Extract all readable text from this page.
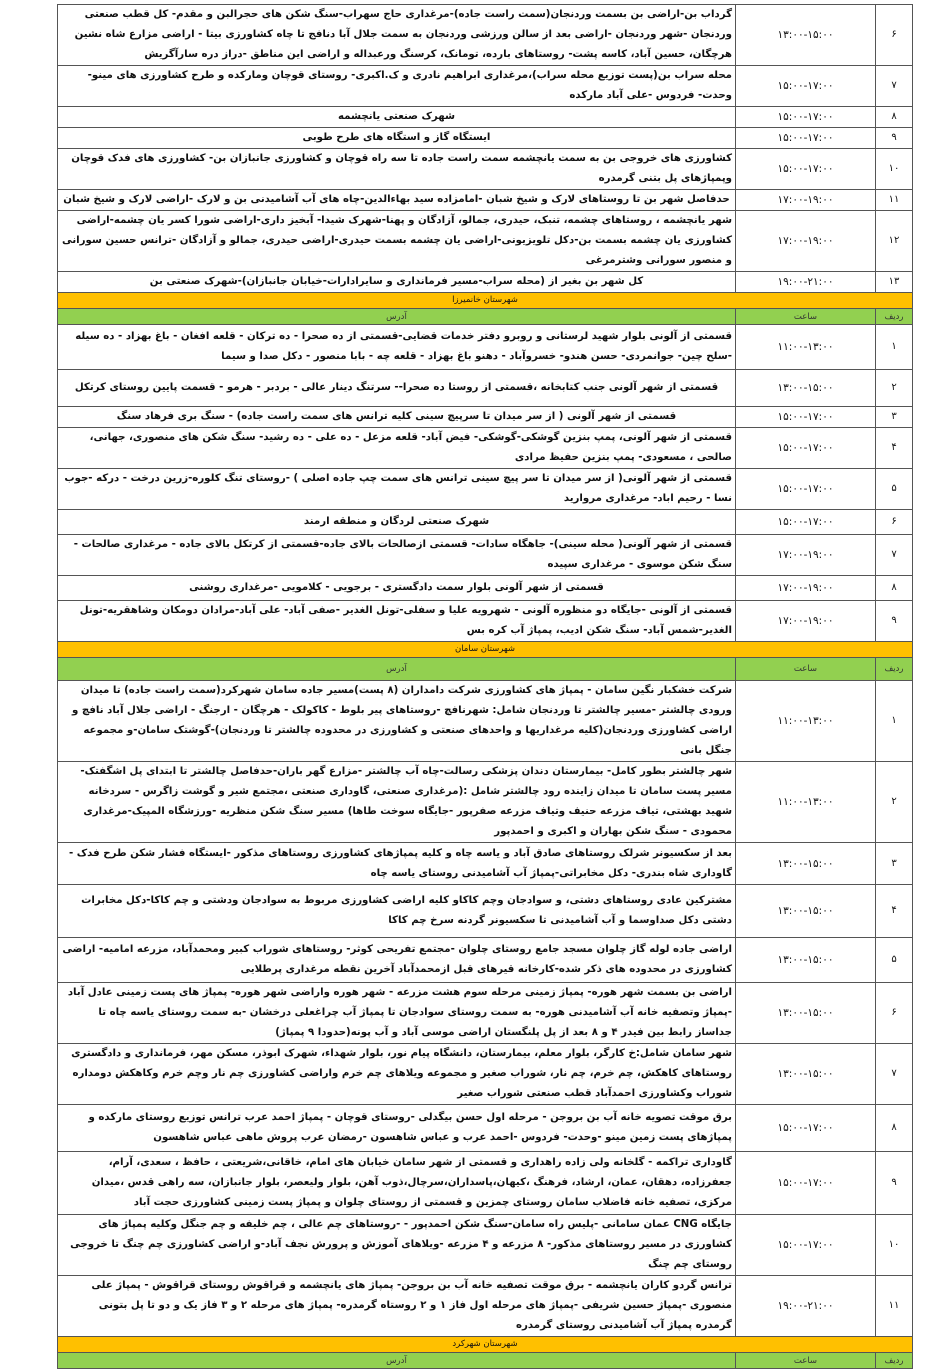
۶	۱۳:۰۰-۱۵:۰۰	گرداب بن-اراضی بن بسمت وردنجان(سمت راست جاده)-مرغداری حاج سهراب-سنگ شکن های حجرالبن و مقدم- کل قطب صنعتی وردنجان -شهر وردنجان -اراضی بعد از سالن ورزشی وردنجان به سمت جلال آبا دنافج تا چاه کشاورزی بیتا - اراضی مزارع شاه نشین هرچگان، حسین آباد، کاسه پشت- روستاهای بارده، تومانک، کرسنگ ورعبداله و اراضی این مناطق -دراز دره سارآگریش
۷	۱۵:۰۰-۱۷:۰۰	محله سراب بن(پست توزیع محله سراب)،مرغداری ابراهیم نادری و ک.اکبری- روستای قوچان ومارکده و طرح کشاورزی های مینو- وحدت- فردوس -علی آباد مارکده
۸	۱۵:۰۰-۱۷:۰۰	شهرک صنعتی یانچشمه
۹	۱۵:۰۰-۱۷:۰۰	ایستگاه گاز و استگاه های طرح طوبی
۱۰	۱۵:۰۰-۱۷:۰۰	کشاورزی های خروجی بن به سمت یانچشمه سمت راست جاده تا سه راه قوچان و کشاورزی جانبازان بن- کشاورزی های فدک قوچان وپمپاژهای پل بتنی گرمدره
۱۱	۱۷:۰۰-۱۹:۰۰	حدفاصل شهر بن تا روستاهای لارک و شیخ شبان -امامزاده سید بهاءالدین-چاه های آب آشامیدنی بن و لارک -اراضی لارک و شیخ شبان
۱۲	۱۷:۰۰-۱۹:۰۰	شهر یانچشمه ، روستاهای چشمه، تنبک، حیدری، جمالو، آزادگان و پهنا-شهرک شیدا- آبخیز داری-اراضی شورا کسر یان چشمه-اراضی کشاورزی یان چشمه بسمت بن-دکل تلویزیونی-اراضی یان چشمه بسمت حیدری-اراضی حیدری، جمالو و آزادگان -ترانس حسین سورانی و منصور سورانی وشترمرغی
۱۳	۱۹:۰۰-۲۱:۰۰	کل شهر بن بغیر از (محله سراب-مسیر فرمانداری و سایرادارات-خیابان جانبازان)-شهرک صنعتی بن
شهرستان خانمیرزا		
ردیف	ساعت	آدرس
۱	۱۱:۰۰-۱۳:۰۰	قسمتی از آلونی بلوار شهید لرستانی و روبرو دفتر خدمات قضایی-قسمتی از ده صحرا - ده ترکان - قلعه افغان - باغ بهزاد - ده سیله -سلح چین- جوانمردی- حسن هندو- خسروآباد - دهنو باغ بهزاد - قلعه چه - بابا منصور - دکل صدا و سیما
۲	۱۳:۰۰-۱۵:۰۰	قسمتی از شهر آلونی جنب کتابخانه ،قسمتی از روستا ده صحرا-- سرتنگ دینار عالی - بردبر - هرمو - قسمت پایین روستای کرتکل
۳	۱۵:۰۰-۱۷:۰۰	قسمتی از شهر آلونی ( از سر میدان تا سرپیچ سینی کلیه ترانس های سمت راست جاده) - سنگ بری فرهاد سنگ
۴	۱۵:۰۰-۱۷:۰۰	قسمتی از شهر آلونی، پمپ بنزین گوشکی-گوشکی- فیض آباد- قلعه مزعل - ده علی - ده رشید- سنگ شکن های منصوری، جهانی، صالحی ، مسعودی- پمپ بنزین حفیظ مرادی
۵	۱۵:۰۰-۱۷:۰۰	قسمتی از شهر آلونی( از سر میدان تا سر پیچ سینی ترانس های سمت چپ جاده اصلی ) -روستای تنگ کلوره-زرین درخت - درکه -جوب نسا - رحیم اباد- مرغداری مروارید
۶	۱۵:۰۰-۱۷:۰۰	شهرک صنعتی لردگان و منطقه ارمند
۷	۱۷:۰۰-۱۹:۰۰	قسمتی از شهر آلونی( محله سینی)- جاهگاه سادات- قسمتی ازصالحات بالای جاده-قسمتی از کرتکل بالای جاده - مرغداری صالحات - سنگ شکن موسوی - مرغداری سپیده
۸	۱۷:۰۰-۱۹:۰۰	قسمتی از شهر آلونی بلوار سمت دادگستری - برجویی - کلامویی -مرغداری روشنی
۹	۱۷:۰۰-۱۹:۰۰	قسمتی از آلونی -جایگاه دو منظوره آلونی - شهرویه علیا و سفلی-تونل الغدیر -صفی آباد- علی آباد-مرادان دومکان وشاهقریه-تونل الغدیر-شمس آباد- سنگ شکن ادیب، پمپاژ آب کره بس
شهرستان سامان		
ردیف	ساعت	آدرس
۱	۱۱:۰۰-۱۳:۰۰	شرکت خشکبار نگین سامان - پمپاژ های کشاورزی شرکت دامداران (۸ پست)مسیر جاده سامان شهرکرد(سمت راست جاده) تا میدان ورودی چالشتر -مسیر چالشتر تا وردنجان شامل: شهرنافچ -روستاهای پیر بلوط - کاکولک - هرچگان - ارجنگ - اراضی جلال آباد نافچ و اراضی کشاورزی وردنجان(کلیه مرغداریها و واحدهای صنعتی و کشاورزی در محدوده چالشتر تا وردنجان)-گوشتک سامان-و مجموعه جنگل بانی
۲	۱۱:۰۰-۱۳:۰۰	شهر چالشتر بطور کامل- بیمارستان دندان پزشکی رسالت-چاه آب چالشتر -مزارع گهر باران-حدفاصل چالشتر تا ابتدای پل اشگفتک- مسیر پست سامان تا میدان زاینده رود چالشتر شامل :(مرغداری صنعتی، گاوداری صنعتی ،مجتمع شیر و گوشت زاگرس - سردخانه شهید بهشتی، تیاف مزرعه حنیف وتیاف مزرعه صفرپور -جایگاه سوخت طاها) مسیر سنگ شکن منظریه -ورزشگاه المپیک-مرغداری محمودی - سنگ شکن بهاران و اکبری و احمدپور
۳	۱۳:۰۰-۱۵:۰۰	بعد از سکسیونر شرلک روستاهای صادق آباد و یاسه چاه و کلیه پمپاژهای کشاورزی روستاهای مذکور -ایستگاه فشار شکن طرح فدک - گاوداری شاه بندری- دکل مخابراتی-پمپاژ آب آشامیدنی روستای یاسه چاه
۴	۱۳:۰۰-۱۵:۰۰	مشترکین عادی روستاهای دشتی، و سوادجان وچم کاکاو کلیه اراضی کشاورزی مربوط به سوادجان ودشتی و چم کاکا-دکل مخابرات دشتی دکل صداوسما و آب آشامیدنی تا سکسیونر گردنه سرخ چم کاکا
۵	۱۳:۰۰-۱۵:۰۰	اراضی جاده لوله گاز چلوان مسجد جامع روستای چلوان -مجتمع تفریحی کوثر- روستاهای شوراب کبیر ومحمدآباد، مزرعه امامیه- اراضی کشاورزی در محدوده های ذکر شده-کارخانه قیرهای قبل ازمحمدآباد آخرین نقطه مرغداری پرطلایی
۶	۱۳:۰۰-۱۵:۰۰	اراضی بن بسمت شهر هوره- پمپاژ زمینی مرحله سوم هشت مزرعه - شهر هوره واراضی شهر هوره- پمپاژ های پست زمینی عادل آباد -پمپاژ وتصفیه خانه آب آشامیدنی هوره- به سمت روستای سوادجان تا پمپاژ آب چراغعلی درخشان -به سمت روستای یاسه چاه تا جداساز رابط بین فیدر ۴ و ۸ بعد از پل پلنگستان اراضی موسی آباد و آب پونه(حدودا ۹ پمپاژ)
۷	۱۳:۰۰-۱۵:۰۰	شهر سامان شامل:خ کارگر، بلوار معلم، بیمارستان، دانشگاه پیام نور، بلوار شهداء، شهرک ابوذر، مسکن مهر، فرمانداری و دادگستری روستاهای کاهکش، چم خرم، چم نار، شوراب صغیر و مجموعه ویلاهای چم خرم واراضی کشاورزی چم نار وچم خرم وکاهکش دومداره شوراب وکشاورزی احمدآباد قطب صنعتی شوراب صغیر
۸	۱۵:۰۰-۱۷:۰۰	برق موقت تصویه خانه آب بن بروجن - مرحله اول حسن بیگدلی -روستای قوچان - پمپاژ احمد عرب ترانس توزیع روستای مارکده و پمپاژهای پست زمین مینو -وحدت- فردوس -احمد عرب و عباس شاهسون -رمضان عرب پروش ماهی عباس شاهسون
۹	۱۵:۰۰-۱۷:۰۰	گاوداری تراکمه - گلخانه ولی زاده راهداری و قسمتی از شهر سامان خیابان های امام، خاقانی،شریعتی ، حافظ ، سعدی، آرام، جعفرزاده، دهقان، عمان، ارشاد، فرهنگ ،کیهان،پاسداران،سرچال،ذوب آهن، بلوار ولیعصر، بلوار جانبازان، سه راهی قدس ،میدان مرکزی، تصفیه خانه فاضلاب سامان روستای چمزین و قسمتی از روستای چلوان و پمپاژ پست زمینی کشاورزی حجت آباد
۱۰	۱۵:۰۰-۱۷:۰۰	جایگاه CNG عمان سامانی -پلیس راه سامان-سنگ شکن احمدپور - -روستاهای چم عالی ، چم خلیفه و چم جنگل وکلیه پمپاژ های کشاورزی در مسیر روستاهای مذکور- ۸ مزرعه و ۴ مزرعه -ویلاهای آموزش و پرورش نجف آباد-و اراضی کشاورزی چم چنگ تا خروجی روستای چم چنگ
۱۱	۱۹:۰۰-۲۱:۰۰	ترانس گردو کاران یانچشمه - برق موقت تصفیه خانه آب بن بروجن- پمپاژ های یانچشمه و قراقوش روستای قراقوش - پمپاژ علی منصوری -پمپاژ حسین شریفی -پمپاژ های مرحله اول فاز ۱ و ۲ روستاه گرمدره- پمپاژ های مرحله ۲ و ۳ فاز یک و دو تا پل بتونی گرمدره پمپاژ آب آشامیدنی روستای گرمدره
شهرستان شهرکرد		
ردیف	ساعت	آدرس
